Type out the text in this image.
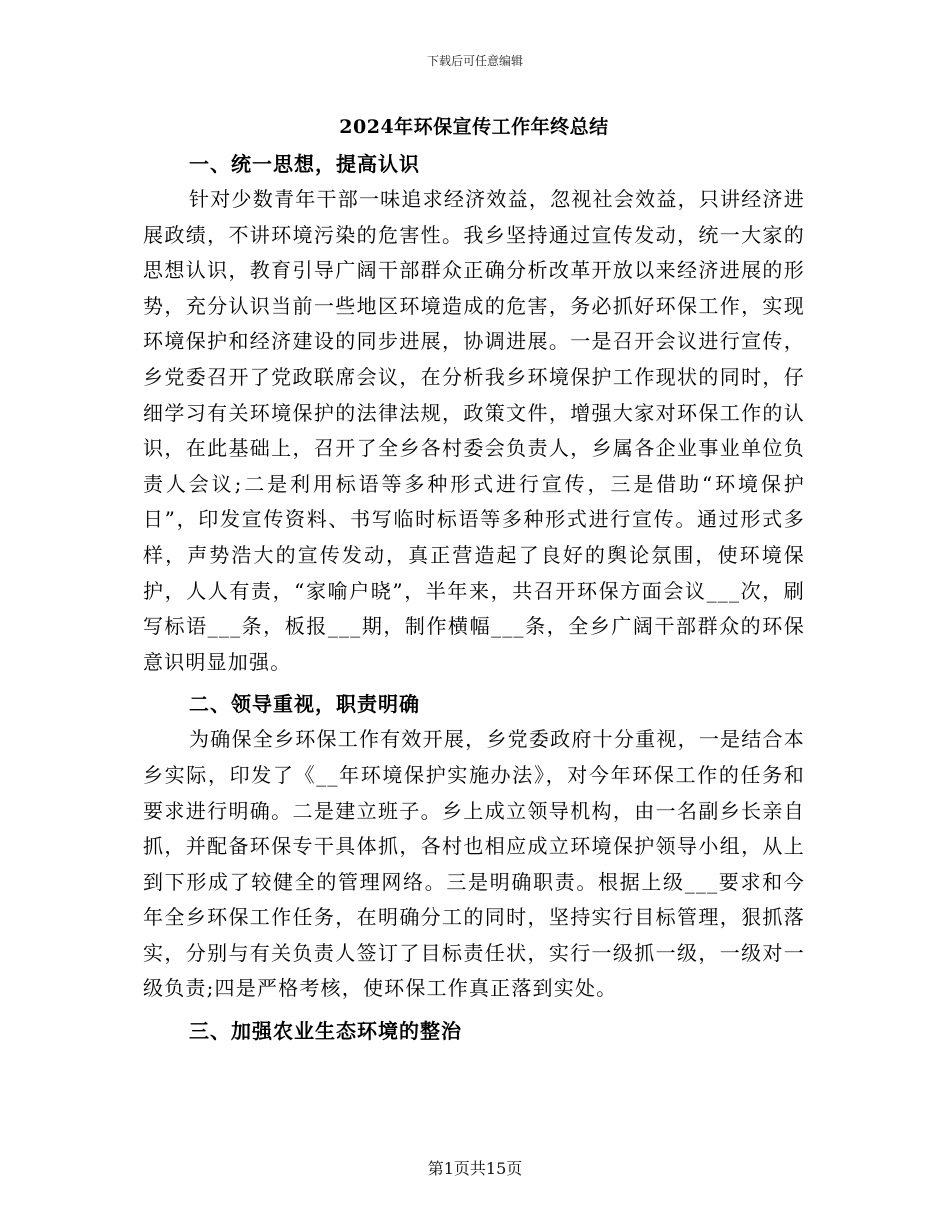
下载后可任意编辑
2024年环保宣传工作年终总结
一、统一思想，提高认识

针对少数青年干部一味追求经济效益，忽视社会效益，只讲经济进展政绩，不讲环境污染的危害性。我乡坚持通过宣传发动，统一大家的思想认识，教育引导广阔干部群众正确分析改革开放以来经济进展的形势，充分认识当前一些地区环境造成的危害，务必抓好环保工作，实现环境保护和经济建设的同步进展，协调进展。一是召开会议进行宣传，乡党委召开了党政联席会议，在分析我乡环境保护工作现状的同时，仔细学习有关环境保护的法律法规，政策文件，增强大家对环保工作的认识，在此基础上，召开了全乡各村委会负责人，乡属各企业事业单位负责人会议;二是利用标语等多种形式进行宣传，三是借助“环境保护日”，印发宣传资料、书写临时标语等多种形式进行宣传。通过形式多样，声势浩大的宣传发动，真正营造起了良好的舆论氛围，使环境保护，人人有责，“家喻户晓”，半年来，共召开环保方面会议___次，刷写标语___条，板报___期，制作横幅___条，全乡广阔干部群众的环保意识明显加强。

二、领导重视，职责明确

为确保全乡环保工作有效开展，乡党委政府十分重视，一是结合本乡实际，印发了《__年环境保护实施办法》，对今年环保工作的任务和要求进行明确。二是建立班子。乡上成立领导机构，由一名副乡长亲自抓，并配备环保专干具体抓，各村也相应成立环境保护领导小组，从上到下形成了较健全的管理网络。三是明确职责。根据上级___要求和今年全乡环保工作任务，在明确分工的同时，坚持实行目标管理，狠抓落实，分别与有关负责人签订了目标责任状，实行一级抓一级，一级对一级负责;四是严格考核，使环保工作真正落到实处。

三、加强农业生态环境的整治
第1页共15页
